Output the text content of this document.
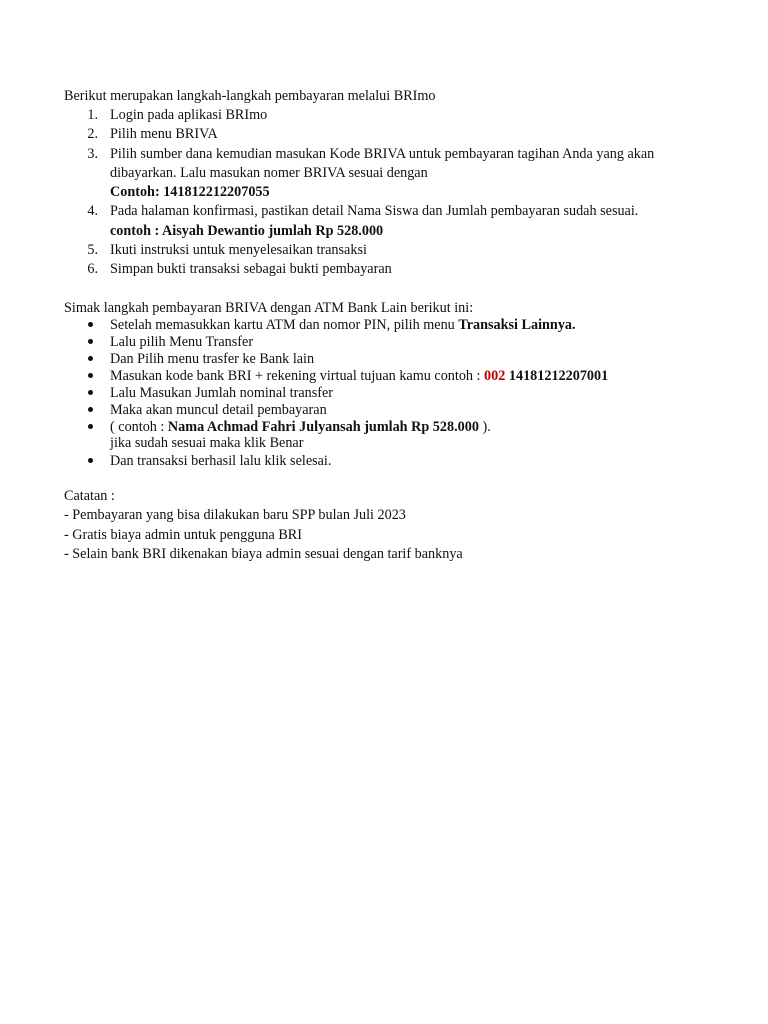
Berikut merupakan langkah-langkah pembayaran melalui BRImo
1. Login pada aplikasi BRImo
2. Pilih menu BRIVA
3. Pilih sumber dana kemudian masukan Kode BRIVA untuk pembayaran tagihan Anda yang akan
dibayarkan. Lalu masukan nomer BRIVA sesuai dengan
Contoh: 141812212207055
4. Pada halaman konfirmasi, pastikan detail Nama Siswa dan Jumlah pembayaran sudah sesuai.
contoh : Aisyah Dewantio jumlah Rp 528.000
5. Ikuti instruksi untuk menyelesaikan transaksi
6. Simpan bukti transaksi sebagai bukti pembayaran
Simak langkah pembayaran BRIVA dengan ATM Bank Lain berikut ini:
Setelah memasukkan kartu ATM dan nomor PIN, pilih menu Transaksi Lainnya.
Lalu pilih Menu Transfer
Dan Pilih menu trasfer ke Bank lain
Masukan kode bank BRI + rekening virtual tujuan kamu contoh : 002 14181212207001
Lalu Masukan Jumlah nominal transfer
Maka akan muncul detail pembayaran
( contoh : Nama Achmad Fahri Julyansah jumlah Rp 528.000 ).
jika sudah sesuai maka klik Benar
Dan transaksi berhasil lalu klik selesai.
Catatan :
- Pembayaran yang bisa dilakukan baru SPP bulan Juli 2023
- Gratis biaya admin untuk pengguna BRI
- Selain bank BRI dikenakan biaya admin sesuai dengan tarif banknya
